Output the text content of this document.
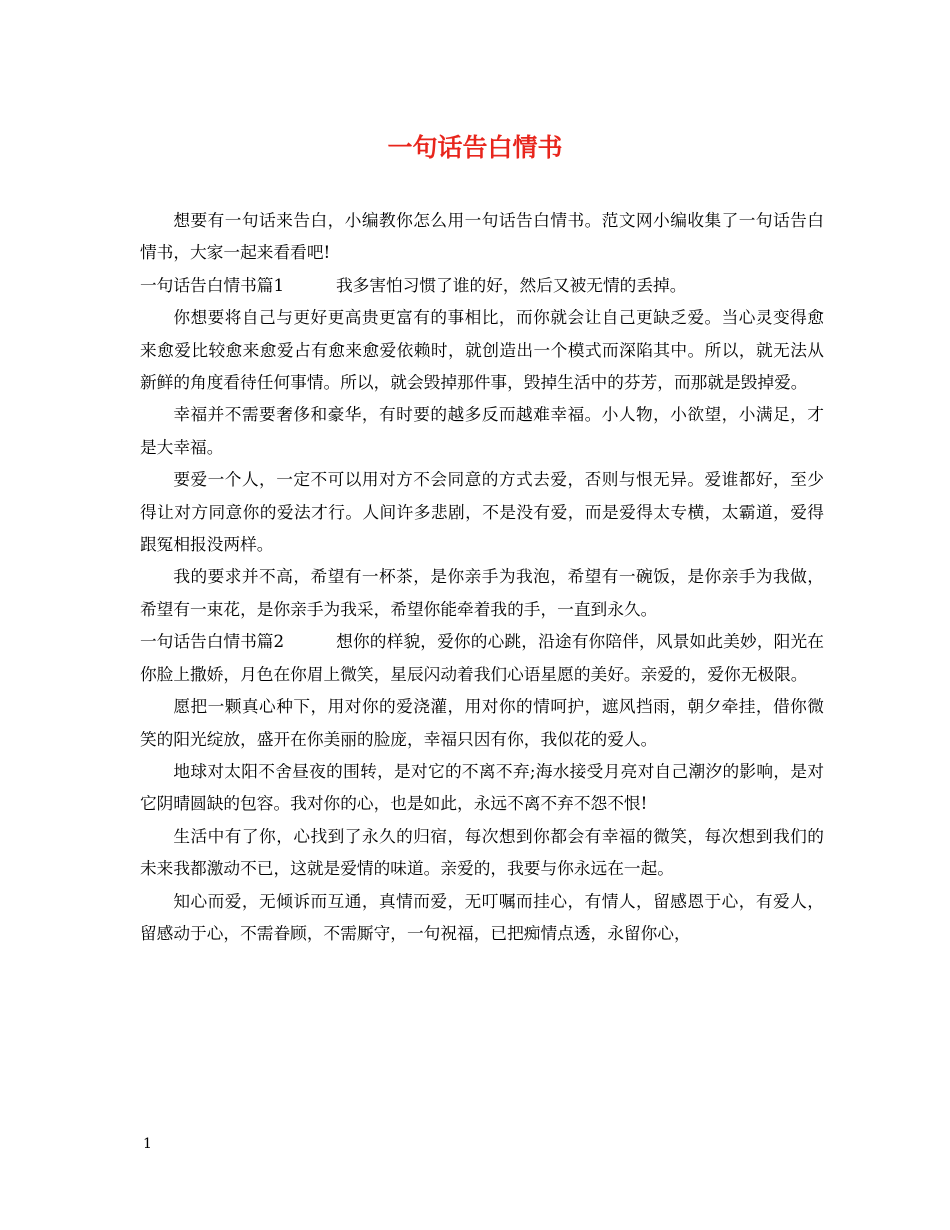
一句话告白情书

想要有一句话来告白，小编教你怎么用一句话告白情书。范文网小编收集了一句话告白情书，大家一起来看看吧!

一句话告白情书篇1	我多害怕习惯了谁的好，然后又被无情的丢掉。

你想要将自己与更好更高贵更富有的事相比，而你就会让自己更缺乏爱。当心灵变得愈来愈爱比较愈来愈爱占有愈来愈爱依赖时，就创造出一个模式而深陷其中。所以，就无法从新鲜的角度看待任何事情。所以，就会毁掉那件事，毁掉生活中的芬芳，而那就是毁掉爱。

幸福并不需要奢侈和豪华，有时要的越多反而越难幸福。小人物，小欲望，小满足，才是大幸福。

要爱一个人，一定不可以用对方不会同意的方式去爱，否则与恨无异。爱谁都好，至少得让对方同意你的爱法才行。人间许多悲剧，不是没有爱，而是爱得太专横，太霸道，爱得跟冤相报没两样。

我的要求并不高，希望有一杯茶，是你亲手为我泡，希望有一碗饭，是你亲手为我做，希望有一束花，是你亲手为我采，希望你能牵着我的手，一直到永久。

一句话告白情书篇2	想你的样貌，爱你的心跳，沿途有你陪伴，风景如此美妙，阳光在你脸上撒娇，月色在你眉上微笑，星辰闪动着我们心语星愿的美好。亲爱的，爱你无极限。

愿把一颗真心种下，用对你的爱浇灌，用对你的情呵护，遮风挡雨，朝夕牵挂，借你微笑的阳光绽放，盛开在你美丽的脸庞，幸福只因有你，我似花的爱人。

地球对太阳不舍昼夜的围转，是对它的不离不弃;海水接受月亮对自己潮汐的影响，是对它阴晴圆缺的包容。我对你的心，也是如此，永远不离不弃不怨不恨!

生活中有了你，心找到了永久的归宿，每次想到你都会有幸福的微笑，每次想到我们的未来我都激动不已，这就是爱情的味道。亲爱的，我要与你永远在一起。

知心而爱，无倾诉而互通，真情而爱，无叮嘱而挂心，有情人，留感恩于心，有爱人，留感动于心，不需眷顾，不需厮守，一句祝福，已把痴情点透，永留你心，

1
